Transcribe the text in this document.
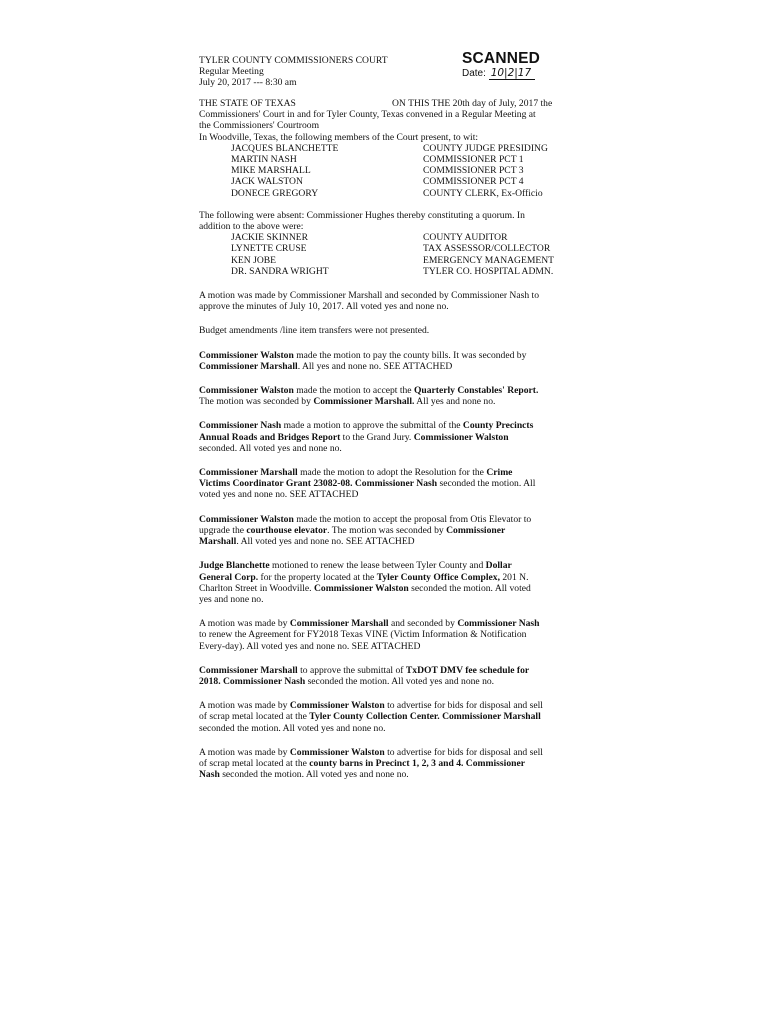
TYLER COUNTY COMMISSIONERS COURT
Regular Meeting
July 20, 2017 --- 8:30 am
SCANNED
Date: 10|2|17
THE STATE OF TEXAS	ON THIS THE 20th day of July, 2017 the
Commissioners' Court in and for Tyler County, Texas convened in a Regular Meeting at
the Commissioners' Courtroom
In Woodville, Texas, the following members of the Court present, to wit:
JACQUES BLANCHETTE	COUNTY JUDGE PRESIDING
MARTIN NASH	COMMISSIONER PCT 1
MIKE MARSHALL	COMMISSIONER PCT 3
JACK WALSTON	COMMISSIONER PCT 4
DONECE GREGORY	COUNTY CLERK, Ex-Officio
The following were absent: Commissioner Hughes thereby constituting a quorum. In
addition to the above were:
JACKIE SKINNER	COUNTY AUDITOR
LYNETTE CRUSE	TAX ASSESSOR/COLLECTOR
KEN JOBE	EMERGENCY MANAGEMENT
DR. SANDRA WRIGHT	TYLER CO. HOSPITAL ADMN.
A motion was made by Commissioner Marshall and seconded by Commissioner Nash to
approve the minutes of July 10, 2017. All voted yes and none no.
Budget amendments /line item transfers were not presented.
Commissioner Walston made the motion to pay the county bills. It was seconded by
Commissioner Marshall. All yes and none no. SEE ATTACHED
Commissioner Walston made the motion to accept the Quarterly Constables' Report.
The motion was seconded by Commissioner Marshall. All yes and none no.
Commissioner Nash made a motion to approve the submittal of the County Precincts
Annual Roads and Bridges Report to the Grand Jury. Commissioner Walston
seconded. All voted yes and none no.
Commissioner Marshall made the motion to adopt the Resolution for the Crime
Victims Coordinator Grant 23082-08. Commissioner Nash seconded the motion. All
voted yes and none no. SEE ATTACHED
Commissioner Walston made the motion to accept the proposal from Otis Elevator to
upgrade the courthouse elevator. The motion was seconded by Commissioner
Marshall. All voted yes and none no. SEE ATTACHED
Judge Blanchette motioned to renew the lease between Tyler County and Dollar
General Corp. for the property located at the Tyler County Office Complex, 201 N.
Charlton Street in Woodville. Commissioner Walston seconded the motion. All voted
yes and none no.
A motion was made by Commissioner Marshall and seconded by Commissioner Nash
to renew the Agreement for FY2018 Texas VINE (Victim Information & Notification
Every-day). All voted yes and none no. SEE ATTACHED
Commissioner Marshall to approve the submittal of TxDOT DMV fee schedule for
2018. Commissioner Nash seconded the motion. All voted yes and none no.
A motion was made by Commissioner Walston to advertise for bids for disposal and sell
of scrap metal located at the Tyler County Collection Center. Commissioner Marshall
seconded the motion. All voted yes and none no.
A motion was made by Commissioner Walston to advertise for bids for disposal and sell
of scrap metal located at the county barns in Precinct 1, 2, 3 and 4. Commissioner
Nash seconded the motion. All voted yes and none no.
